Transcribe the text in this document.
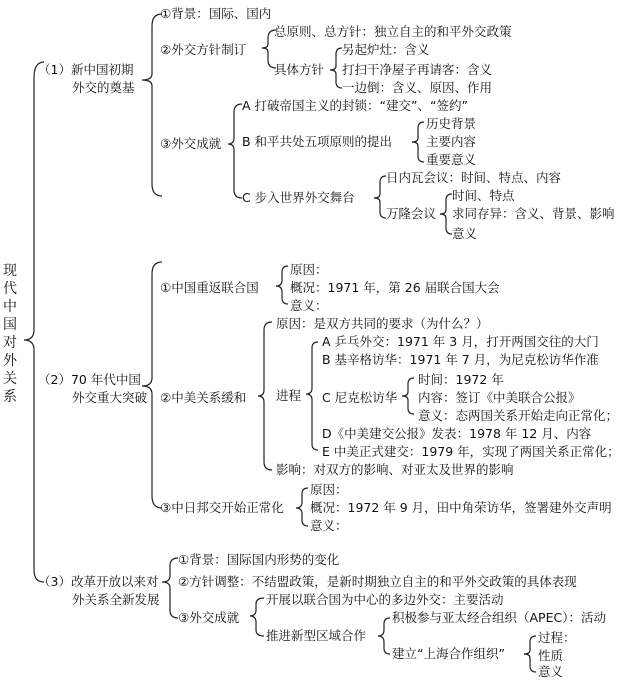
现代中国对外关系
（1）新中国初期
外交的奠基
①背景：国际、国内
②外交方针制订
总原则、总方针：独立自主的和平外交政策
具体方针
另起炉灶：含义
打扫干净屋子再请客：含义
一边倒：含义、原因、作用
③外交成就
A 打破帝国主义的封锁：“建交”、“签约”
B 和平共处五项原则的提出
历史背景
主要内容
重要意义
C 步入世界外交舞台
日内瓦会议：时间、特点、内容
万隆会议
时间、特点
求同存异：含义、背景、影响
意义
（2）70 年代中国
外交重大突破
①中国重返联合国
原因：
概况：1971 年，第 26 届联合国大会
意义：
②中美关系缓和
原因：是双方共同的要求（为什么？）
进程
A 乒乓外交：1971 年 3 月，打开两国交往的大门
B 基辛格访华：1971 年 7 月，为尼克松访华作准
C 尼克松访华
时间：1972 年
内容：签订《中美联合公报》
意义：态两国关系开始走向正常化；
D《中美建交公报》发表：1978 年 12 月、内容
E 中美正式建交：1979 年，实现了两国关系正常化；
影响：对双方的影响、对亚太及世界的影响
③中日邦交开始正常化
原因：
概况：1972 年 9 月，田中角荣访华，签署建外交声明
意义：
（3）改革开放以来对
外关系全新发展
①背景：国际国内形势的变化
②方针调整：不结盟政策，是新时期独立自主的和平外交政策的具体表现
③外交成就
开展以联合国为中心的多边外交：主要活动
推进新型区域合作
积极参与亚太经合组织（APEC）：活动
建立“上海合作组织”
过程：
性质
意义
